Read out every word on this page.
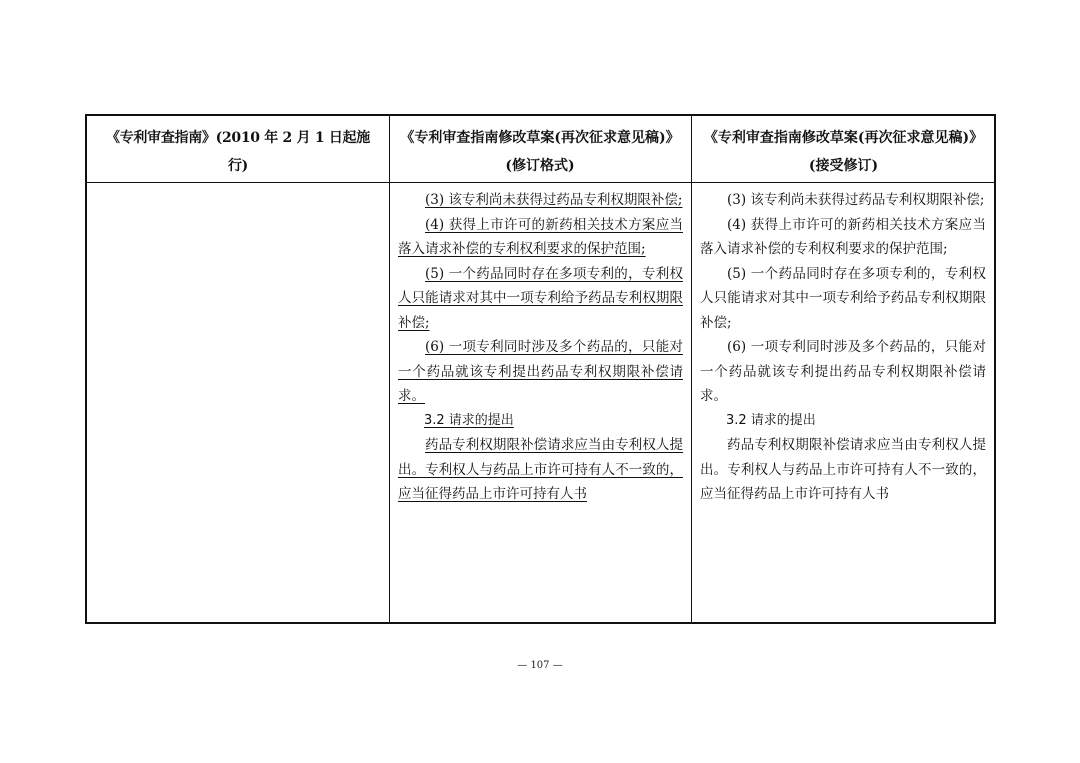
《专利审查指南》(2010 年 2 月 1 日起施行)
《专利审查指南修改草案(再次征求意见稿)》(修订格式)
《专利审查指南修改草案(再次征求意见稿)》(接受修订)

(3) 该专利尚未获得过药品专利权期限补偿;

(4) 获得上市许可的新药相关技术方案应当落入请求补偿的专利权利要求的保护范围;

(5) 一个药品同时存在多项专利的，专利权人只能请求对其中一项专利给予药品专利权期限补偿;

(6) 一项专利同时涉及多个药品的，只能对一个药品就该专利提出药品专利权期限补偿请求。

3.2 请求的提出

药品专利权期限补偿请求应当由专利权人提出。专利权人与药品上市许可持有人不一致的，应当征得药品上市许可持有人书

(3) 该专利尚未获得过药品专利权期限补偿;

(4) 获得上市许可的新药相关技术方案应当落入请求补偿的专利权利要求的保护范围;

(5) 一个药品同时存在多项专利的，专利权人只能请求对其中一项专利给予药品专利权期限补偿;

(6) 一项专利同时涉及多个药品的，只能对一个药品就该专利提出药品专利权期限补偿请求。

3.2 请求的提出

药品专利权期限补偿请求应当由专利权人提出。专利权人与药品上市许可持有人不一致的，应当征得药品上市许可持有人书

— 107 —
